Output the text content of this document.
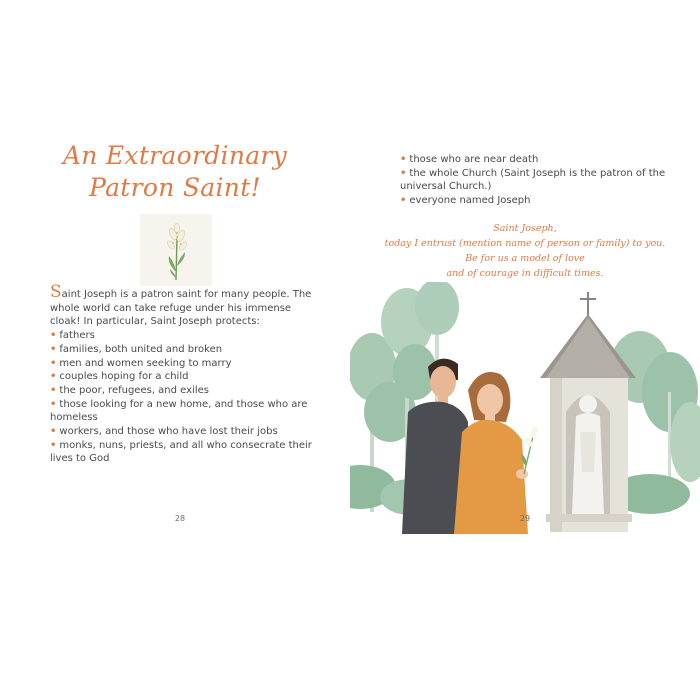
An Extraordinary
Patron Saint!

Saint Joseph is a patron saint for many people. The whole world can take refuge under his immense cloak! In particular, Saint Joseph protects:

• fathers
• families, both united and broken
• men and women seeking to marry
• couples hoping for a child
• the poor, refugees, and exiles
• those looking for a new home, and those who are homeless
• workers, and those who have lost their jobs
• monks, nuns, priests, and all who consecrate their lives to God
28
• those who are near death
• the whole Church (Saint Joseph is the patron of the universal Church.)
• everyone named Joseph
Saint Joseph,
today I entrust (mention name of person or family) to you.
Be for us a model of love
and of courage in difficult times.
29
